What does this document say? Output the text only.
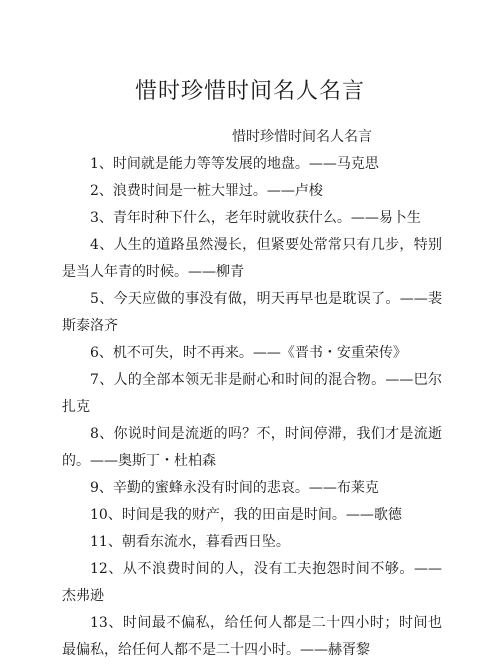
惜时珍惜时间名人名言
惜时珍惜时间名人名言
1、时间就是能力等等发展的地盘。——马克思
2、浪费时间是一桩大罪过。——卢梭
3、青年时种下什么，老年时就收获什么。——易卜生
4、人生的道路虽然漫长，但紧要处常常只有几步，特别是当人年青的时候。——柳青
5、今天应做的事没有做，明天再早也是耽误了。——裴斯泰洛齐
6、机不可失，时不再来。——《晋书・安重荣传》
7、人的全部本领无非是耐心和时间的混合物。——巴尔扎克
8、你说时间是流逝的吗？不，时间停滞，我们才是流逝的。——奥斯丁・杜柏森
9、辛勤的蜜蜂永没有时间的悲哀。——布莱克
10、时间是我的财产，我的田亩是时间。——歌德
11、朝看东流水，暮看西日坠。
12、从不浪费时间的人，没有工夫抱怨时间不够。——杰弗逊
13、时间最不偏私，给任何人都是二十四小时；时间也最偏私，给任何人都不是二十四小时。——赫胥黎
